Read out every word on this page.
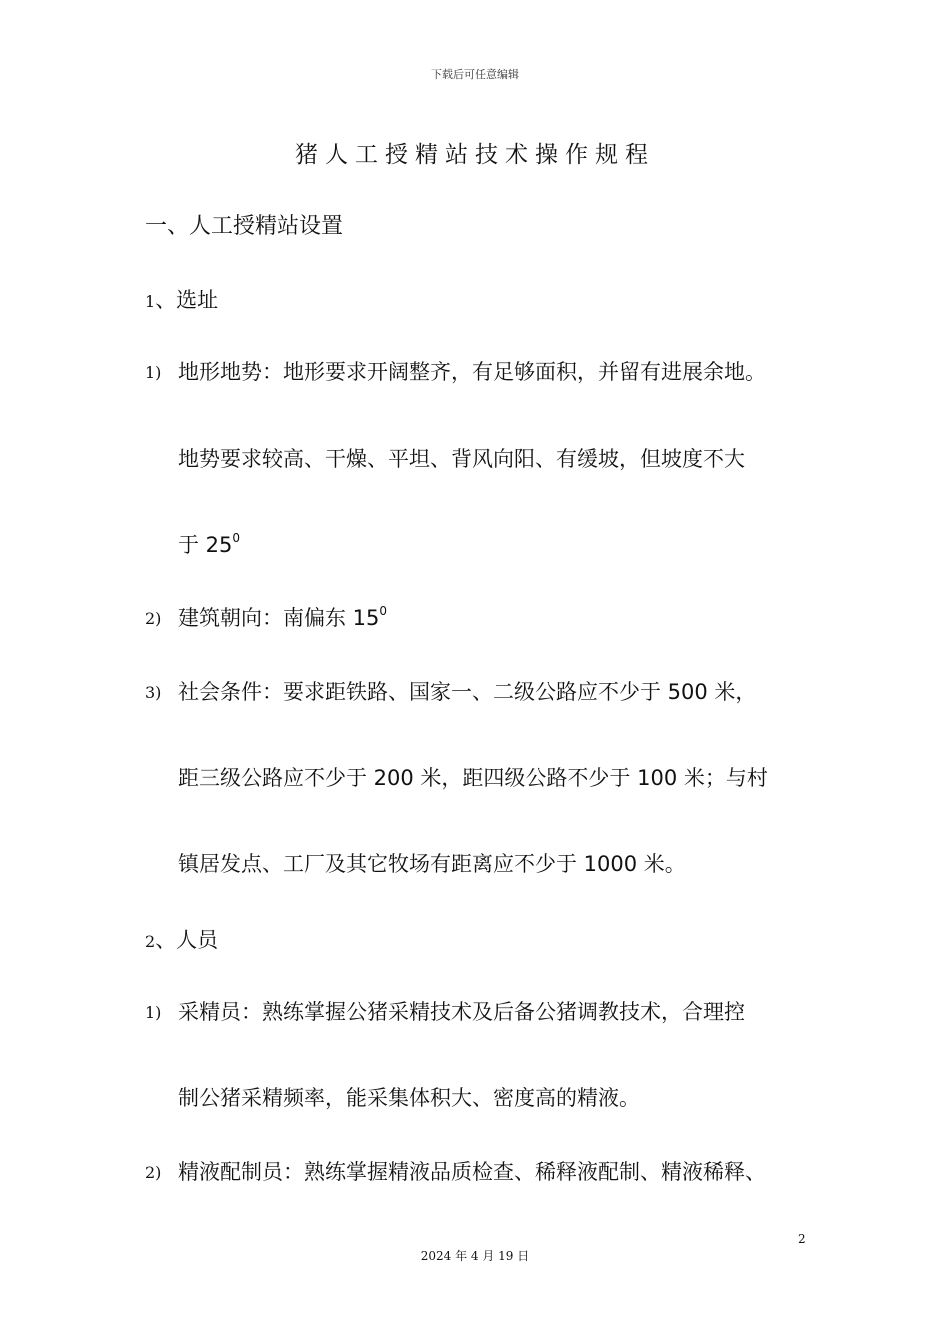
下载后可任意编辑
猪人工授精站技术操作规程
一、人工授精站设置
1、选址
1) 地形地势：地形要求开阔整齐，有足够面积，并留有进展余地。
地势要求较高、干燥、平坦、背风向阳、有缓坡，但坡度不大
于 $25^0$
2) 建筑朝向：南偏东 $15^0$
3) 社会条件：要求距铁路、国家一、二级公路应不少于 500 米，
距三级公路应不少于 200 米，距四级公路不少于 100 米；与村
镇居发点、工厂及其它牧场有距离应不少于 1000 米。
2、人员
1) 采精员：熟练掌握公猪采精技术及后备公猪调教技术，合理控
制公猪采精频率，能采集体积大、密度高的精液。
2) 精液配制员：熟练掌握精液品质检查、稀释液配制、精液稀释、
2
2024 年 4 月 19 日
